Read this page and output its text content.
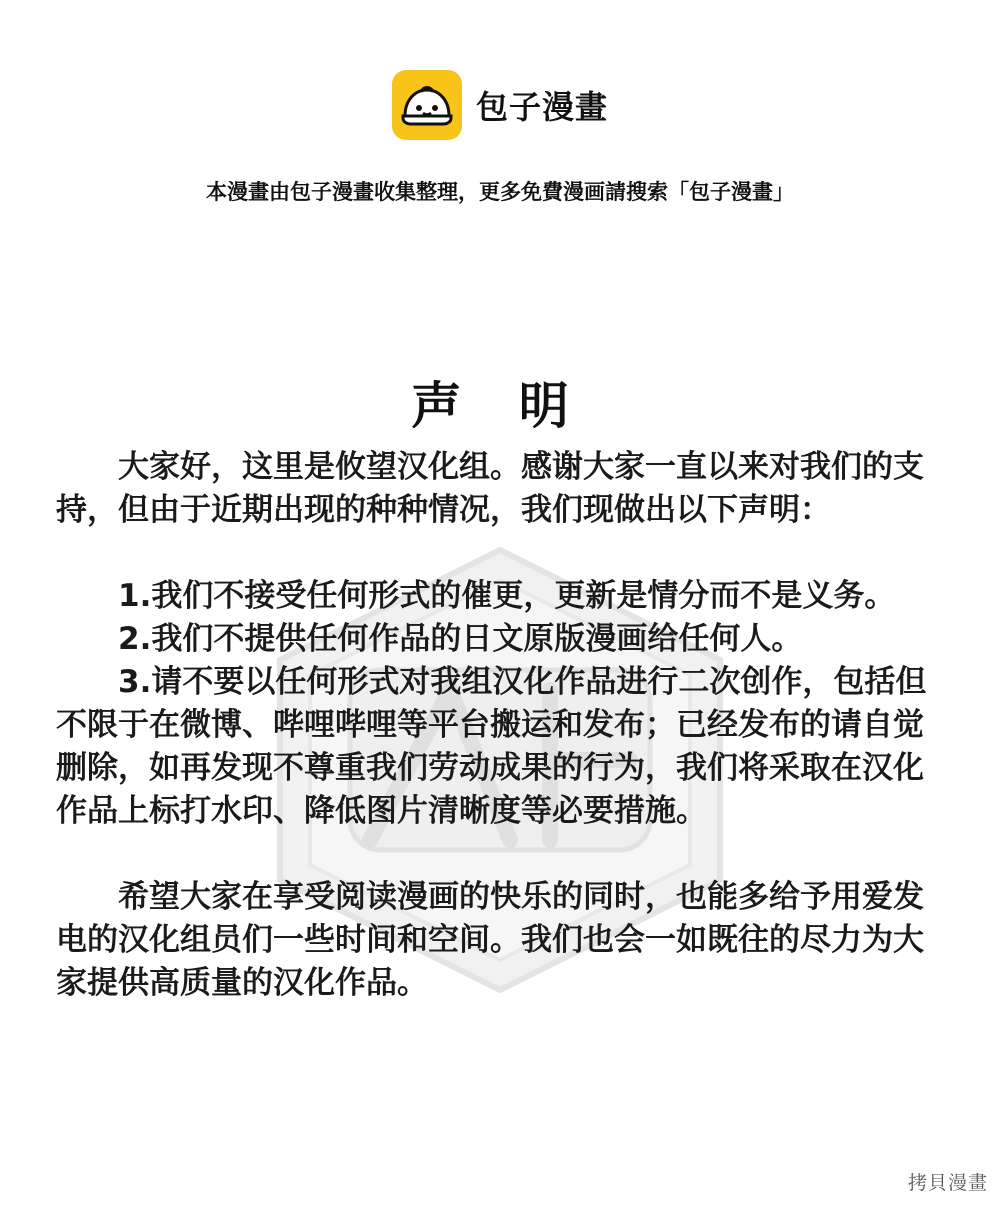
包子漫畫
本漫畫由包子漫畫收集整理，更多免費漫画請搜索「包子漫畫」
声 明

大家好，这里是攸望汉化组。感谢大家一直以来对我们的支持，但由于近期出现的种种情况，我们现做出以下声明：

1.我们不接受任何形式的催更，更新是情分而不是义务。

2.我们不提供任何作品的日文原版漫画给任何人。

3.请不要以任何形式对我组汉化作品进行二次创作，包括但不限于在微博、哔哩哔哩等平台搬运和发布；已经发布的请自觉删除，如再发现不尊重我们劳动成果的行为，我们将采取在汉化作品上标打水印、降低图片清晰度等必要措施。

希望大家在享受阅读漫画的快乐的同时，也能多给予用爱发电的汉化组员们一些时间和空间。我们也会一如既往的尽力为大家提供高质量的汉化作品。

拷貝漫畫
